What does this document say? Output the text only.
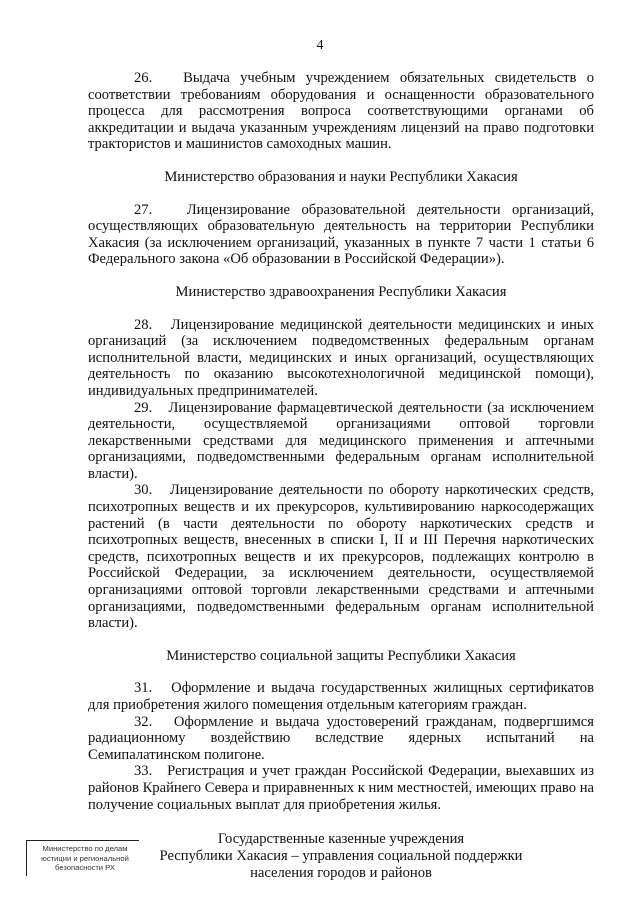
4

26.   Выдача учебным учреждением обязательных свидетельств о соответствии требованиям оборудования и оснащенности образовательного процесса для рассмотрения вопроса соответствующими органами об аккредитации и выдача указанным учреждениям лицензий на право подготовки трактористов и машинистов самоходных машин.

Министерство образования и науки Республики Хакасия

27.   Лицензирование образовательной деятельности организаций, осуществляющих образовательную деятельность на территории Республики Хакасия (за исключением организаций, указанных в пункте 7 части 1 статьи 6 Федерального закона «Об образовании в Российской Федерации»).

Министерство здравоохранения Республики Хакасия

28.   Лицензирование медицинской деятельности медицинских и иных организаций (за исключением подведомственных федеральным органам исполнительной власти, медицинских и иных организаций, осуществляющих деятельность по оказанию высокотехнологичной медицинской помощи), индивидуальных предпринимателей.

29.   Лицензирование фармацевтической деятельности (за исключением деятельности, осуществляемой организациями оптовой торговли лекарственными средствами для медицинского применения и аптечными организациями, подведомственными федеральным органам исполнительной власти).

30.   Лицензирование деятельности по обороту наркотических средств, психотропных веществ и их прекурсоров, культивированию наркосодержащих растений (в части деятельности по обороту наркотических средств и психотропных веществ, внесенных в списки I, II и III Перечня наркотических средств, психотропных веществ и их прекурсоров, подлежащих контролю в Российской Федерации, за исключением деятельности, осуществляемой организациями оптовой торговли лекарственными средствами и аптечными организациями, подведомственными федеральным органам исполнительной власти).

Министерство социальной защиты Республики Хакасия

31.   Оформление и выдача государственных жилищных сертификатов для приобретения жилого помещения отдельным категориям граждан.

32.   Оформление и выдача удостоверений гражданам, подвергшимся радиационному воздействию вследствие ядерных испытаний на Семипалатинском полигоне.

33.   Регистрация и учет граждан Российской Федерации, выехавших из районов Крайнего Севера и приравненных к ним местностей, имеющих право на получение социальных выплат для приобретения жилья.

Государственные казенные учреждения

Республики Хакасия – управления социальной поддержки

населения городов и районов

Министерство по делам
юстиции и региональной
безопасности РХ
